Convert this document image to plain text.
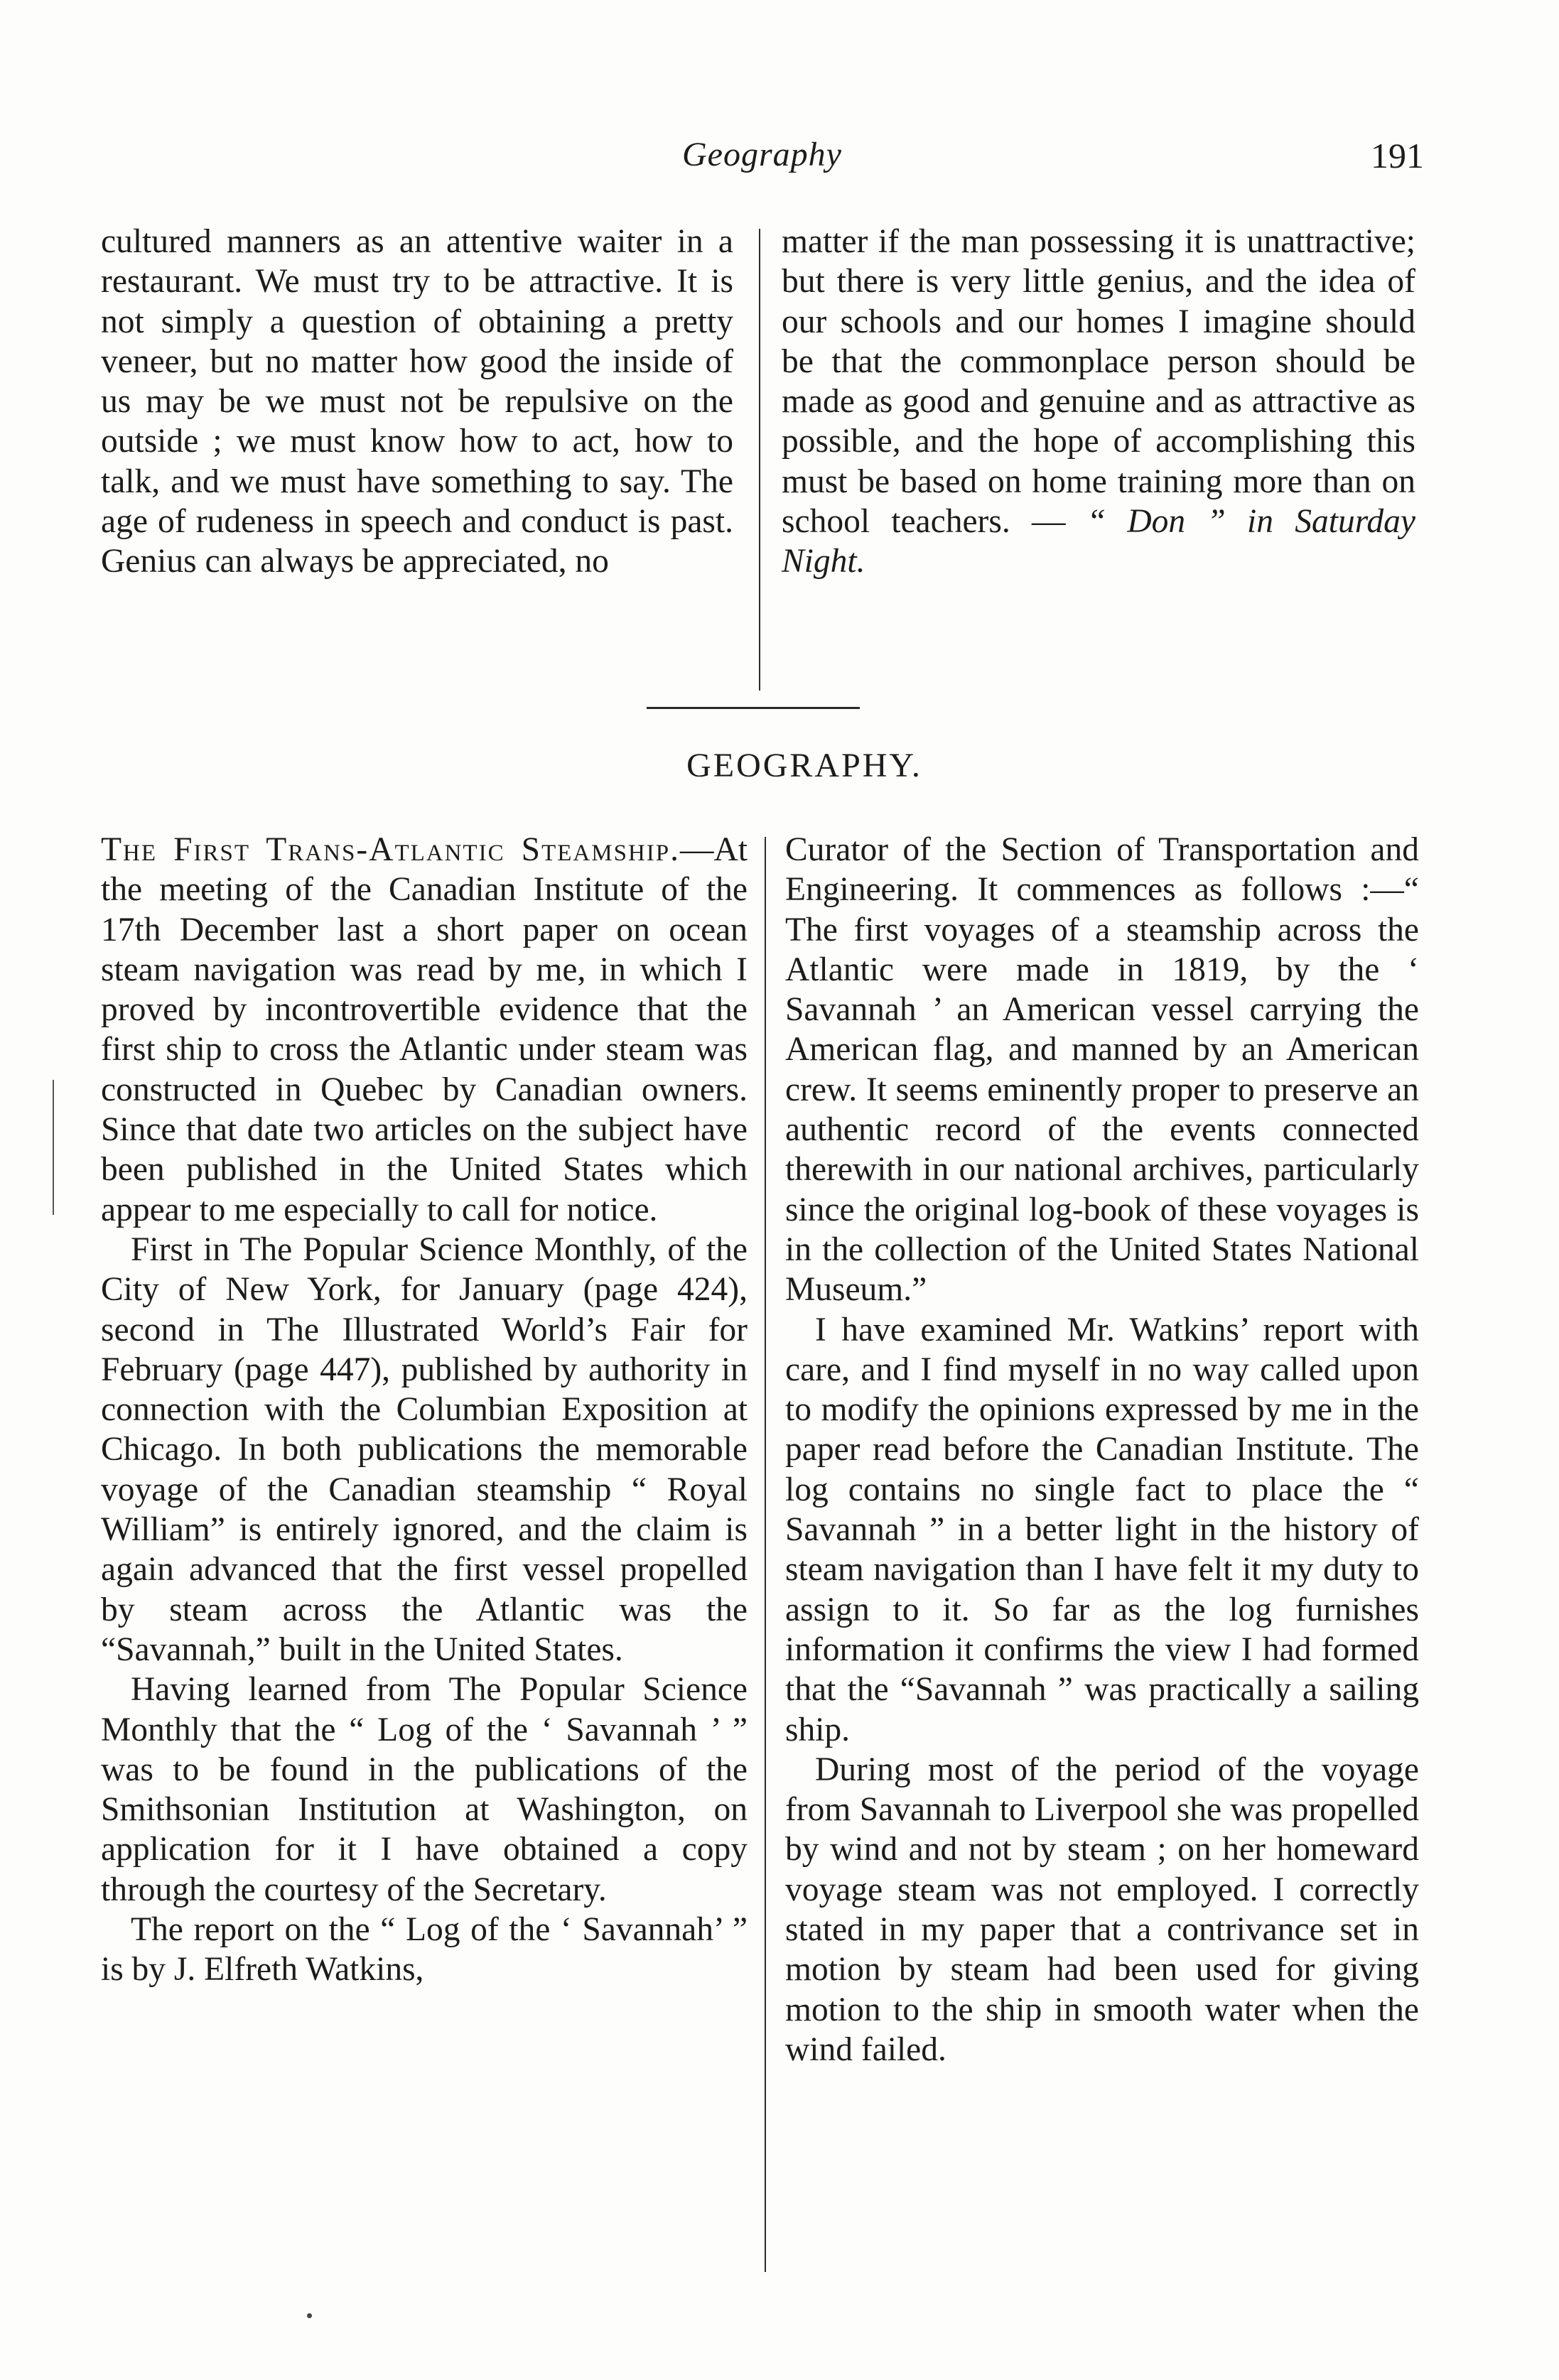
Geography	191

cultured manners as an attentive waiter in a restaurant. We must try to be attractive. It is not simply a question of obtaining a pretty veneer, but no matter how good the inside of us may be we must not be repulsive on the outside ; we must know how to act, how to talk, and we must have something to say. The age of rudeness in speech and conduct is past. Genius can always be appreciated, no

matter if the man possessing it is unattractive; but there is very little genius, and the idea of our schools and our homes I imagine should be that the commonplace person should be made as good and genuine and as attractive as possible, and the hope of accomplishing this must be based on home training more than on school teachers. — “ Don ” in Saturday Night.

GEOGRAPHY.

The First Trans-Atlantic Steamship.—At the meeting of the Canadian Institute of the 17th December last a short paper on ocean steam navigation was read by me, in which I proved by incontrovertible evidence that the first ship to cross the Atlantic under steam was constructed in Quebec by Canadian owners. Since that date two articles on the subject have been published in the United States which appear to me especially to call for notice.

First in The Popular Science Monthly, of the City of New York, for January (page 424), second in The Illustrated World’s Fair for February (page 447), published by authority in connection with the Columbian Exposition at Chicago. In both publications the memorable voyage of the Canadian steamship “ Royal William” is entirely ignored, and the claim is again advanced that the first vessel propelled by steam across the Atlantic was the “Savannah,” built in the United States.

Having learned from The Popular Science Monthly that the “ Log of the ‘ Savannah ’ ” was to be found in the publications of the Smithsonian Institution at Washington, on application for it I have obtained a copy through the courtesy of the Secretary.

The report on the “ Log of the ‘ Savannah’ ” is by J. Elfreth Watkins,

Curator of the Section of Transportation and Engineering. It commences as follows :—“ The first voyages of a steamship across the Atlantic were made in 1819, by the ‘ Savannah ’ an American vessel carrying the American flag, and manned by an American crew. It seems eminently proper to preserve an authentic record of the events connected therewith in our national archives, particularly since the original log-book of these voyages is in the collection of the United States National Museum.”

I have examined Mr. Watkins’ report with care, and I find myself in no way called upon to modify the opinions expressed by me in the paper read before the Canadian Institute. The log contains no single fact to place the “ Savannah ” in a better light in the history of steam navigation than I have felt it my duty to assign to it. So far as the log furnishes information it confirms the view I had formed that the “Savannah ” was practically a sailing ship.

During most of the period of the voyage from Savannah to Liverpool she was propelled by wind and not by steam ; on her homeward voyage steam was not employed. I correctly stated in my paper that a contrivance set in motion by steam had been used for giving motion to the ship in smooth water when the wind failed.
